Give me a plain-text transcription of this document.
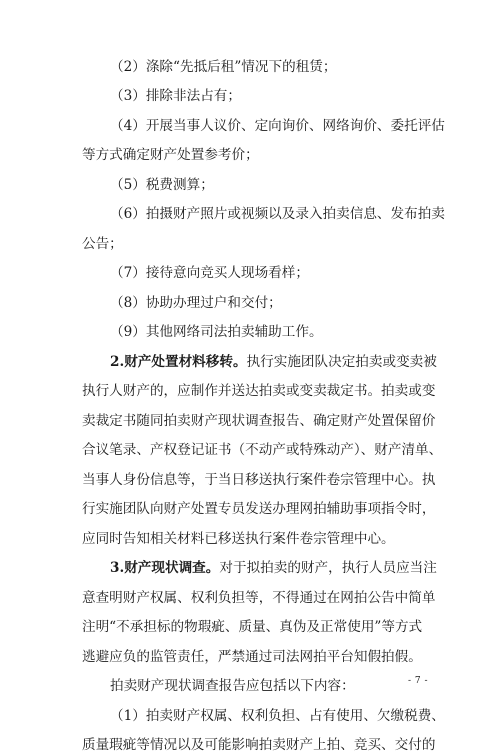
（2）涤除“先抵后租”情况下的租赁；
（3）排除非法占有；
（4）开展当事人议价、定向询价、网络询价、委托评估
等方式确定财产处置参考价；
（5）税费测算；
（6）拍摄财产照片或视频以及录入拍卖信息、发布拍卖
公告；
（7）接待意向竞买人现场看样；
（8）协助办理过户和交付；
（9）其他网络司法拍卖辅助工作。
2.财产处置材料移转。执行实施团队决定拍卖或变卖被
执行人财产的，应制作并送达拍卖或变卖裁定书。拍卖或变
卖裁定书随同拍卖财产现状调查报告、确定财产处置保留价
合议笔录、产权登记证书（不动产或特殊动产）、财产清单、
当事人身份信息等，于当日移送执行案件卷宗管理中心。执
行实施团队向财产处置专员发送办理网拍辅助事项指令时，
应同时告知相关材料已移送执行案件卷宗管理中心。
3.财产现状调查。对于拟拍卖的财产，执行人员应当注
意查明财产权属、权利负担等，不得通过在网拍公告中简单
注明“不承担标的物瑕疵、质量、真伪及正常使用”等方式
逃避应负的监管责任，严禁通过司法网拍平台知假拍假。
拍卖财产现状调查报告应包括以下内容：
（1）拍卖财产权属、权利负担、占有使用、欠缴税费、
质量瑕疵等情况以及可能影响拍卖财产上拍、竞买、交付的
- 7 -
